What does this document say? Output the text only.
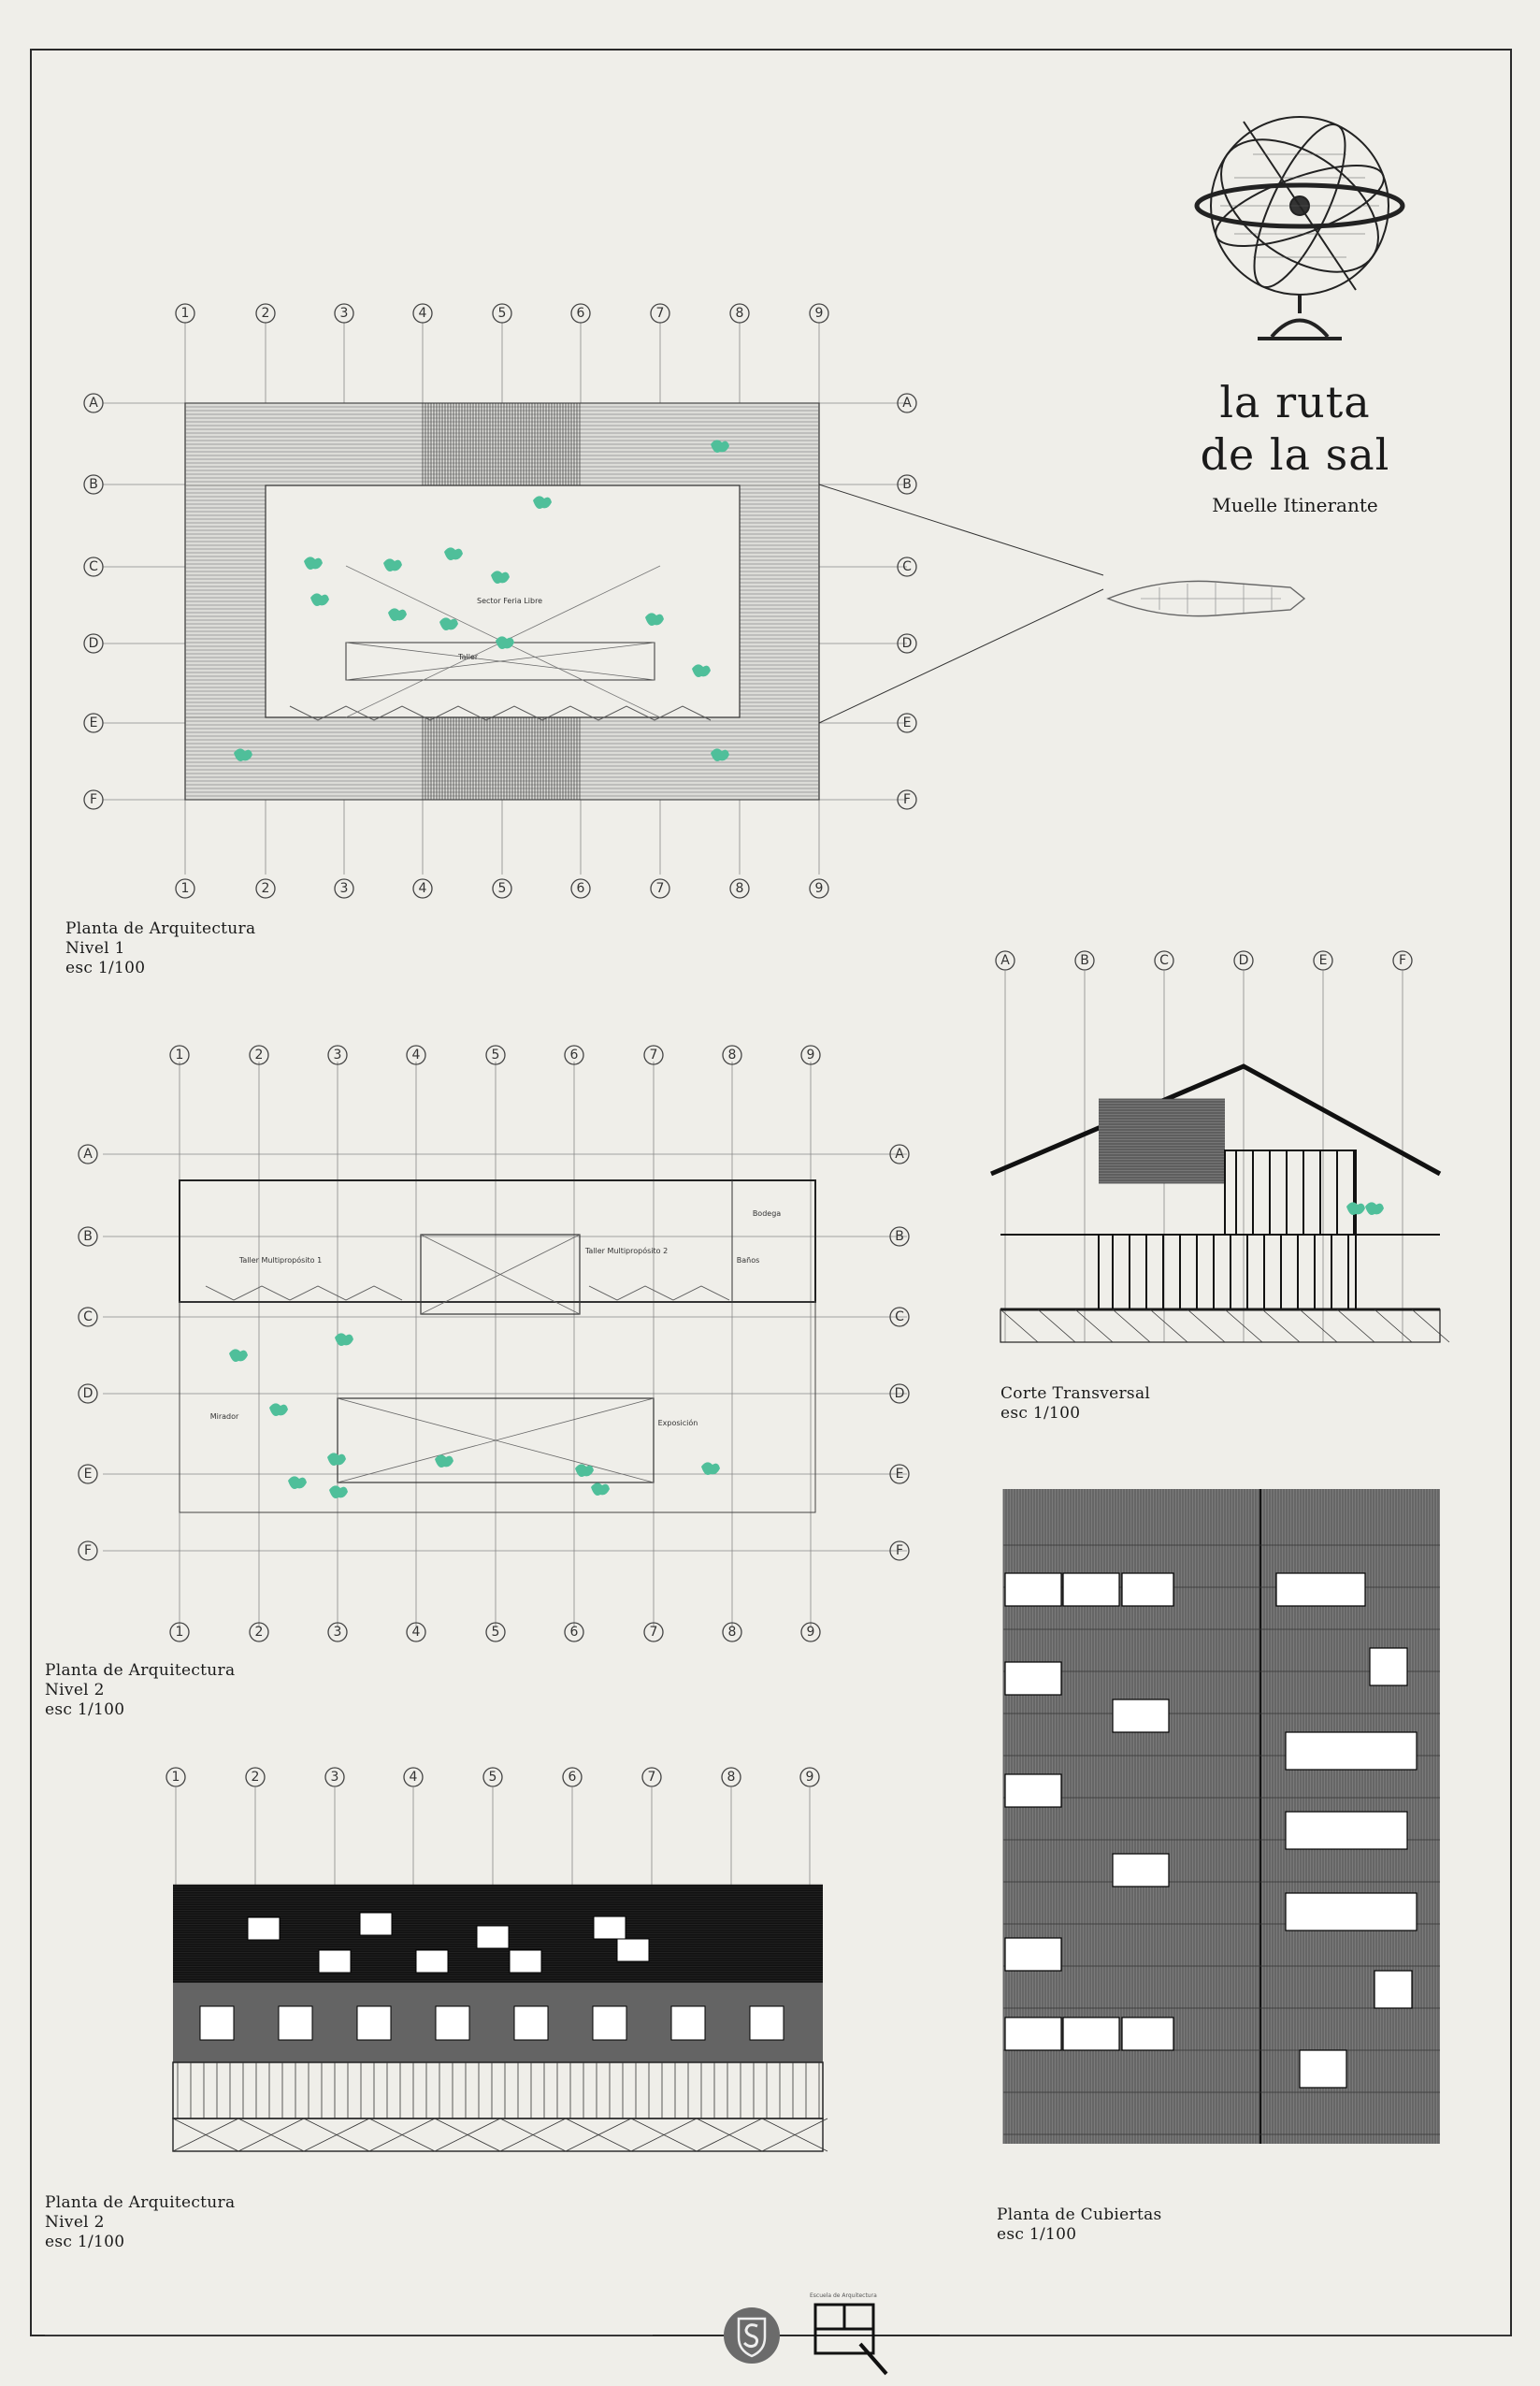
la ruta
de la sal
Muelle Itinerante
1
1
2
2
3
3
4
4
5
5
6
6
7
7
8
8
9
9
A	A
B	B
C	C
D	D
E	E
F	F
Sector Feria Libre
Taller
Planta de Arquitectura
Nivel 1
esc 1/100
1
1
2
2
3
3
4
4
5
5
6
6
7
7
8
8
9
9
A	A
B	B
C	C
D	D
E	E
F	F
Taller Multipropósito 1
Taller Multipropósito 2
Bodega
Baños
Mirador
Exposición
Planta de Arquitectura
Nivel 2
esc 1/100
1	2	3	4	5	6	7	8	9
Planta de Arquitectura
Nivel 2
esc 1/100
A	B	C	D	E	F
Corte Transversal
esc 1/100
Planta de Cubiertas
esc 1/100
Escuela de Arquitectura
